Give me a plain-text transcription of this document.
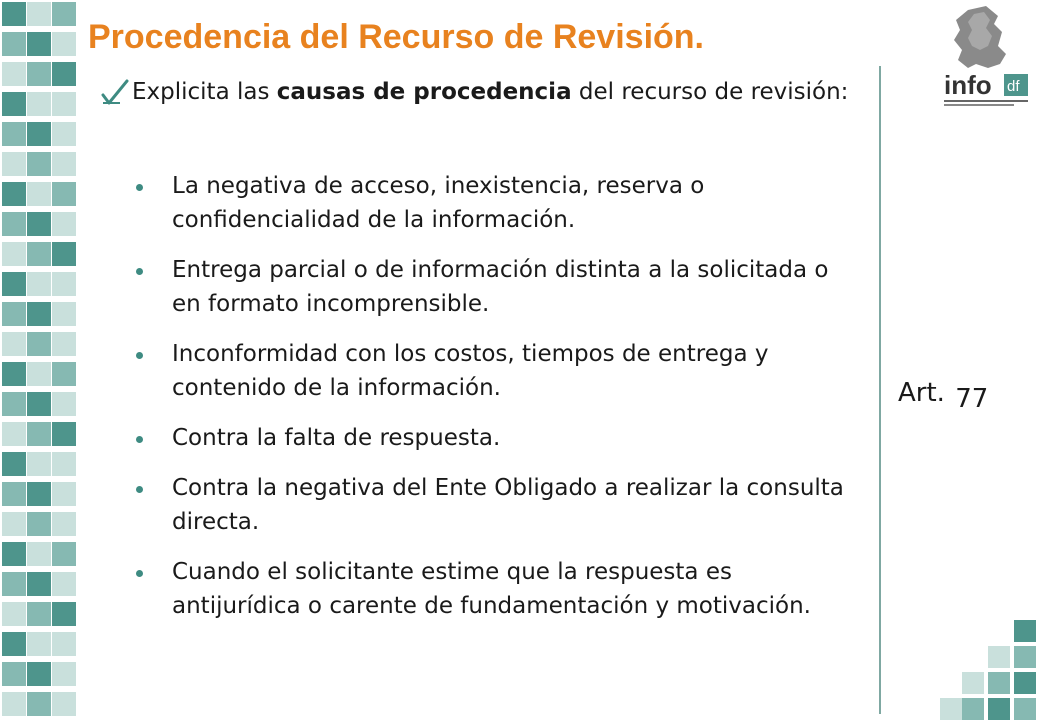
info df
Procedencia del Recurso de Revisión.
Explicita las causas de procedencia del recurso de revisión:
La negativa de acceso, inexistencia, reserva o confidencialidad de la información.
Entrega parcial o de información distinta a la solicitada o en formato incomprensible.
Inconformidad con los costos, tiempos de entrega y contenido de la información.
Contra la falta de respuesta.
Contra la negativa del Ente Obligado a realizar la consulta directa.
Cuando el solicitante estime que la respuesta es antijurídica o carente de fundamentación y motivación.
Art. 77
